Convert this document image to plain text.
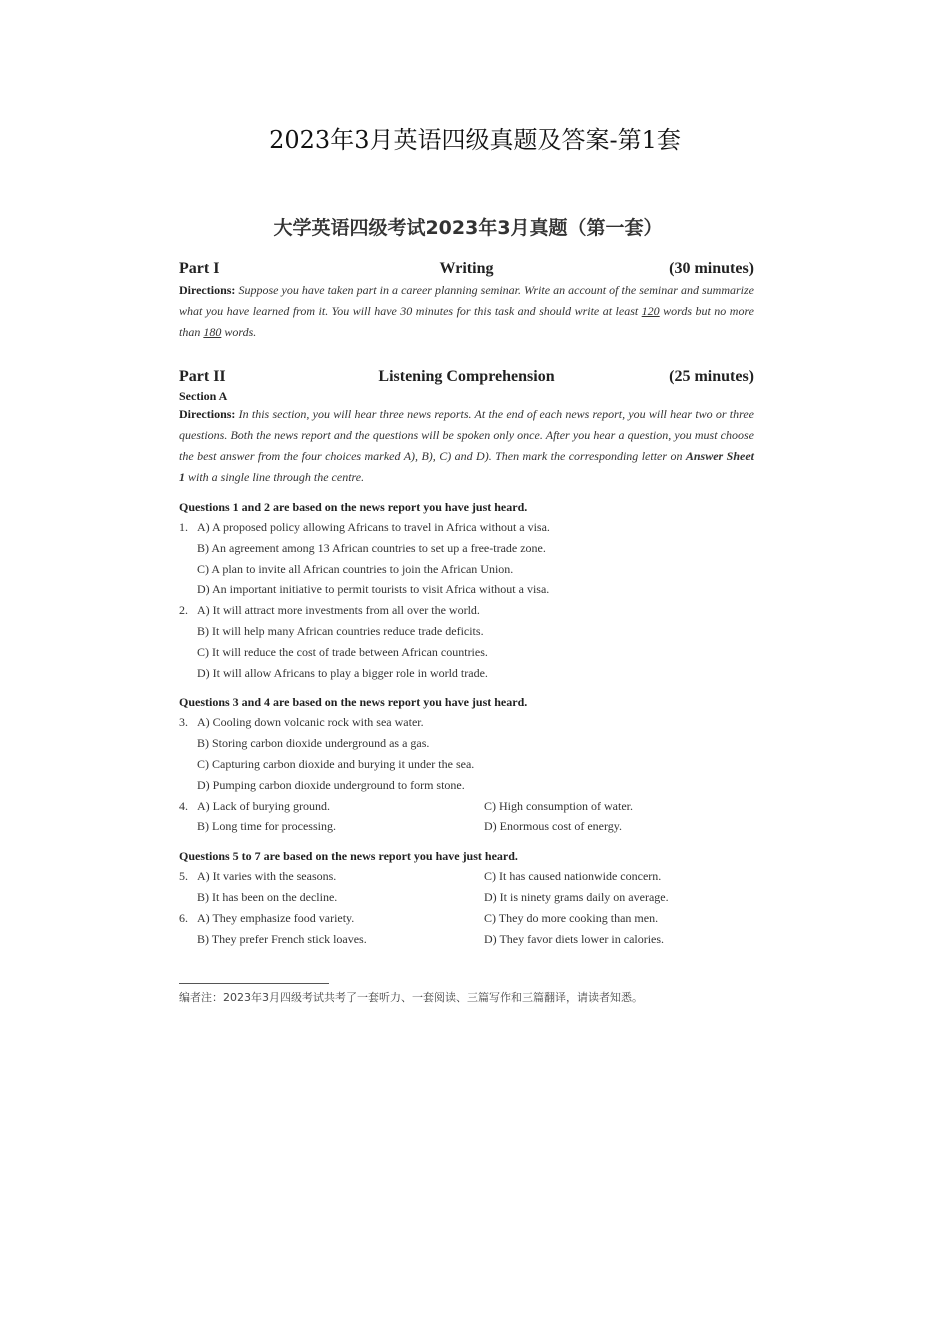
2023年3月英语四级真题及答案-第1套
大学英语四级考试2023年3月真题（第一套）
Part I	Writing	(30 minutes)
Directions: Suppose you have taken part in a career planning seminar. Write an account of the seminar and summarize what you have learned from it. You will have 30 minutes for this task and should write at least 120 words but no more than 180 words.
Part II	Listening Comprehension	(25 minutes)
Section A
Directions: In this section, you will hear three news reports. At the end of each news report, you will hear two or three questions. Both the news report and the questions will be spoken only once. After you hear a question, you must choose the best answer from the four choices marked A), B), C) and D). Then mark the corresponding letter on Answer Sheet 1 with a single line through the centre.
Questions 1 and 2 are based on the news report you have just heard.
1. A) A proposed policy allowing Africans to travel in Africa without a visa.
B) An agreement among 13 African countries to set up a free-trade zone.
C) A plan to invite all African countries to join the African Union.
D) An important initiative to permit tourists to visit Africa without a visa.
2. A) It will attract more investments from all over the world.
B) It will help many African countries reduce trade deficits.
C) It will reduce the cost of trade between African countries.
D) It will allow Africans to play a bigger role in world trade.
Questions 3 and 4 are based on the news report you have just heard.
3. A) Cooling down volcanic rock with sea water.
B) Storing carbon dioxide underground as a gas.
C) Capturing carbon dioxide and burying it under the sea.
D) Pumping carbon dioxide underground to form stone.
4. A) Lack of burying ground.	C) High consumption of water.
B) Long time for processing.	D) Enormous cost of energy.
Questions 5 to 7 are based on the news report you have just heard.
5. A) It varies with the seasons.	C) It has caused nationwide concern.
B) It has been on the decline.	D) It is ninety grams daily on average.
6. A) They emphasize food variety.	C) They do more cooking than men.
B) They prefer French stick loaves.	D) They favor diets lower in calories.
编者注：2023年3月四级考试共考了一套听力、一套阅读、三篇写作和三篇翻译，请读者知悉。
